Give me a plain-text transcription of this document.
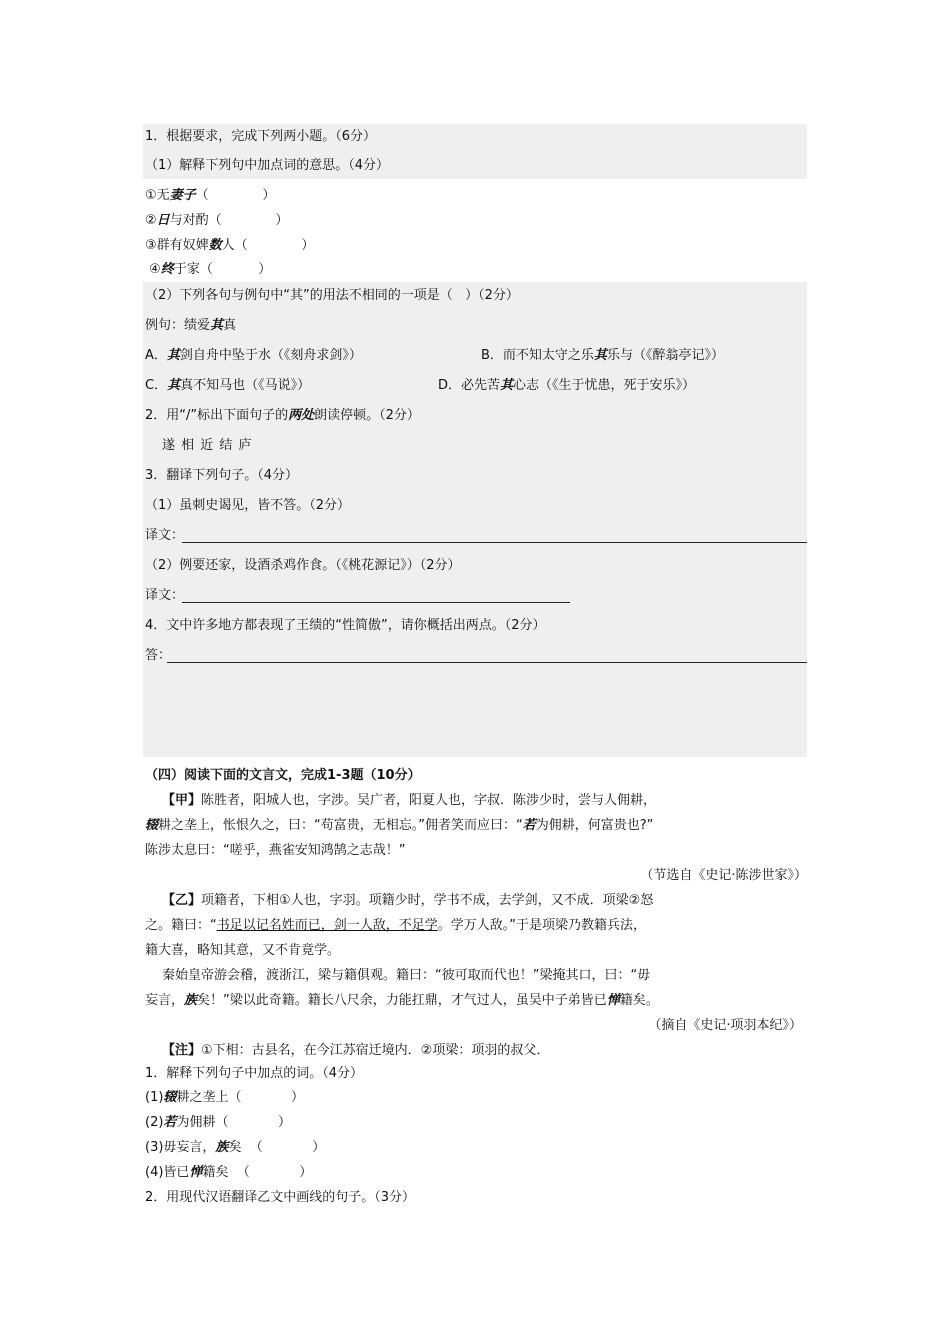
1．根据要求，完成下列两小题。（6分）
（1）解释下列句中加点词的意思。（4分）
①无妻子（             ）
②日与对酌（             ）
③群有奴婢数人（             ）
④终于家（           ）
（2）下列各句与例句中“其”的用法不相同的一项是（   ）（2分）
例句：绩爱其真
A．其剑自舟中坠于水（《刻舟求剑》）	B．而不知太守之乐其乐与（《醉翁亭记》）
C．其真不知马也（《马说》）	D．必先苦其心志（《生于忧患，死于安乐》）
2．用“/”标出下面句子的两处朗读停顿。（2分）
遂 相 近 结 庐
3．翻译下列句子。（4分）
（1）虽刺史谒见，皆不答。（2分）
译文：
（2）例要还家，设酒杀鸡作食。（《桃花源记》）（2分）
译文：
4．文中许多地方都表现了王绩的“性简傲”，请你概括出两点。（2分）
答：
（四）阅读下面的文言文，完成1-3题（10分）
【甲】陈胜者，阳城人也，字涉。吴广者，阳夏人也，字叔．陈涉少时，尝与人佣耕，
辍耕之垄上，怅恨久之，曰：“苟富贵，无相忘。”佣者笑而应曰：“若为佣耕，何富贵也?”
陈涉太息曰：“嗟乎，燕雀安知鸿鹄之志哉！”
（节选自《史记·陈涉世家》）
【乙】项籍者，下相①人也，字羽。项籍少时，学书不成，去学剑，又不成．项梁②怒
之。籍曰：“书足以记名姓而已，剑一人敌，不足学。学万人敌。”于是项梁乃教籍兵法，
籍大喜，略知其意，又不肯竟学。
秦始皇帝游会稽，渡浙江，梁与籍俱观。籍曰：“彼可取而代也！”梁掩其口，曰：“毋
妄言，族矣！”梁以此奇籍。籍长八尺余，力能扛鼎，才气过人，虽吴中子弟皆已惮籍矣。
（摘自《史记·项羽本纪》）
【注】①下相：古县名，在今江苏宿迁境内．②项梁：项羽的叔父．
1．解释下列句子中加点的词。（4分）
(1)辍耕之垄上（            ）
(2)若为佣耕（            ）
(3)毋妄言，族矣  （            ）
(4)皆已惮籍矣  （            ）
2．用现代汉语翻译乙文中画线的句子。（3分）
